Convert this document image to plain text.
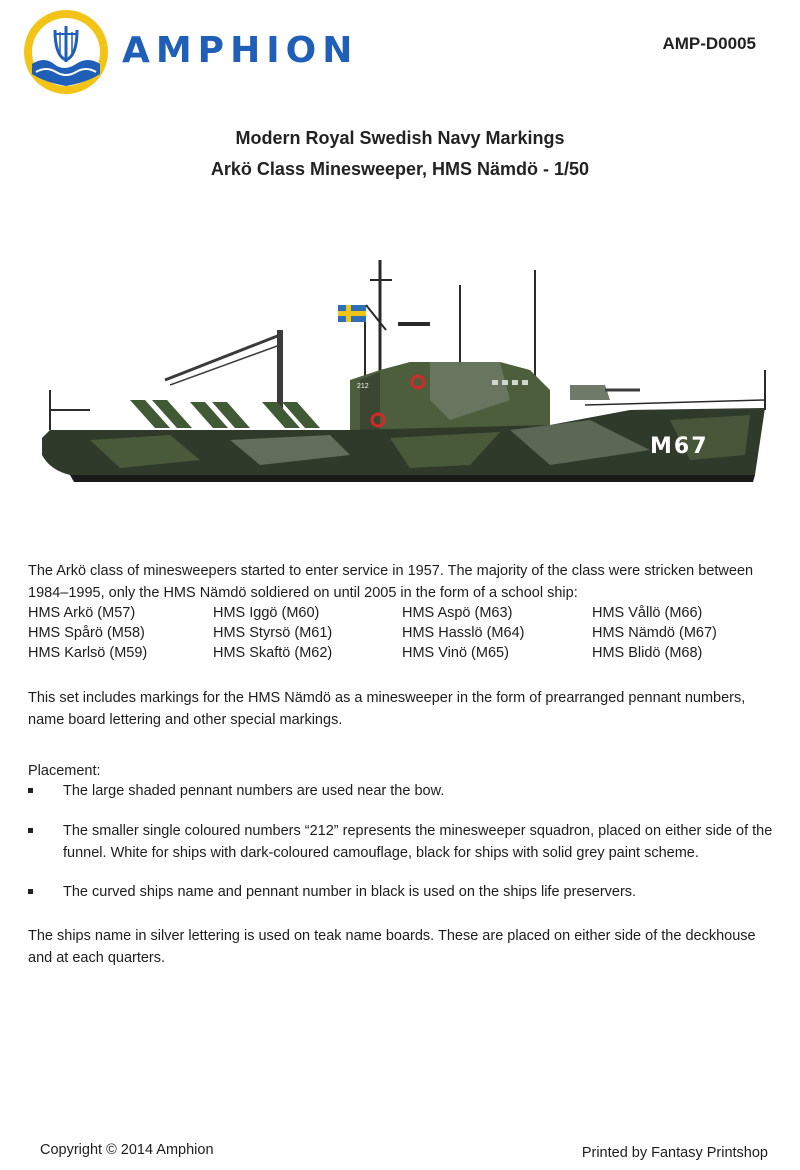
AMPHION	AMP-D0005
Modern Royal Swedish Navy Markings
Arkö Class Minesweeper, HMS Nämdö - 1/50
212
M67
The Arkö class of minesweepers started to enter service in 1957. The majority of the class were stricken between 1984–1995, only the HMS Nämdö soldiered on until 2005 in the form of a school ship:
HMS Arkö (M57)	HMS Iggö (M60)	HMS Aspö (M63)	HMS Vållö (M66)
HMS Spårö (M58)	HMS Styrsö (M61)	HMS Hasslö (M64)	HMS Nämdö (M67)
HMS Karlsö (M59)	HMS Skaftö (M62)	HMS Vinö (M65)	HMS Blidö (M68)
This set includes markings for the HMS Nämdö as a minesweeper in the form of prearranged pennant numbers, name board lettering and other special markings.
Placement:
The large shaded pennant numbers are used near the bow.
The smaller single coloured numbers “212” represents the minesweeper squadron, placed on either side of the funnel. White for ships with dark-coloured camouflage, black for ships with solid grey paint scheme.
The curved ships name and pennant number in black is used on the ships life preservers.
The ships name in silver lettering is used on teak name boards. These are placed on either side of the deckhouse and at each quarters.
Copyright © 2014 Amphion	Printed by Fantasy Printshop
